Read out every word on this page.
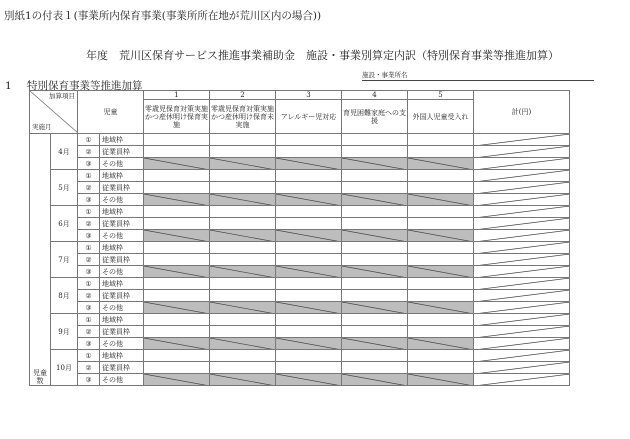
別紙1の付表１(事業所内保育事業(事業所所在地が荒川区内の場合))
年度　荒川区保育サービス推進事業補助金　施設・事業別算定内訳（特別保育事業等推進加算）
施設・事業所名
1 特別保育事業等推進加算
加算項目
実施月		児童		1	2	3	4	5	計(円)
				零歳児保育対策実施かつ産休明け保育実施	零歳児保育対策実施かつ産休明け保育未実施	アレルギー児対応	育児困難家庭への支援	外国人児童受入れ	
児童数	4月	①	地域枠						

		②	従業員枠						

		③	その他	

	5月	①	地域枠						

		②	従業員枠						

		③	その他	

	6月	①	地域枠						

		②	従業員枠						

		③	その他	

	7月	①	地域枠						

		②	従業員枠						

		③	その他	

	8月	①	地域枠						

		②	従業員枠						

		③	その他	

	9月	①	地域枠						

		②	従業員枠						

		③	その他	

	10月	①	地域枠						

		②	従業員枠						

		③	その他	
